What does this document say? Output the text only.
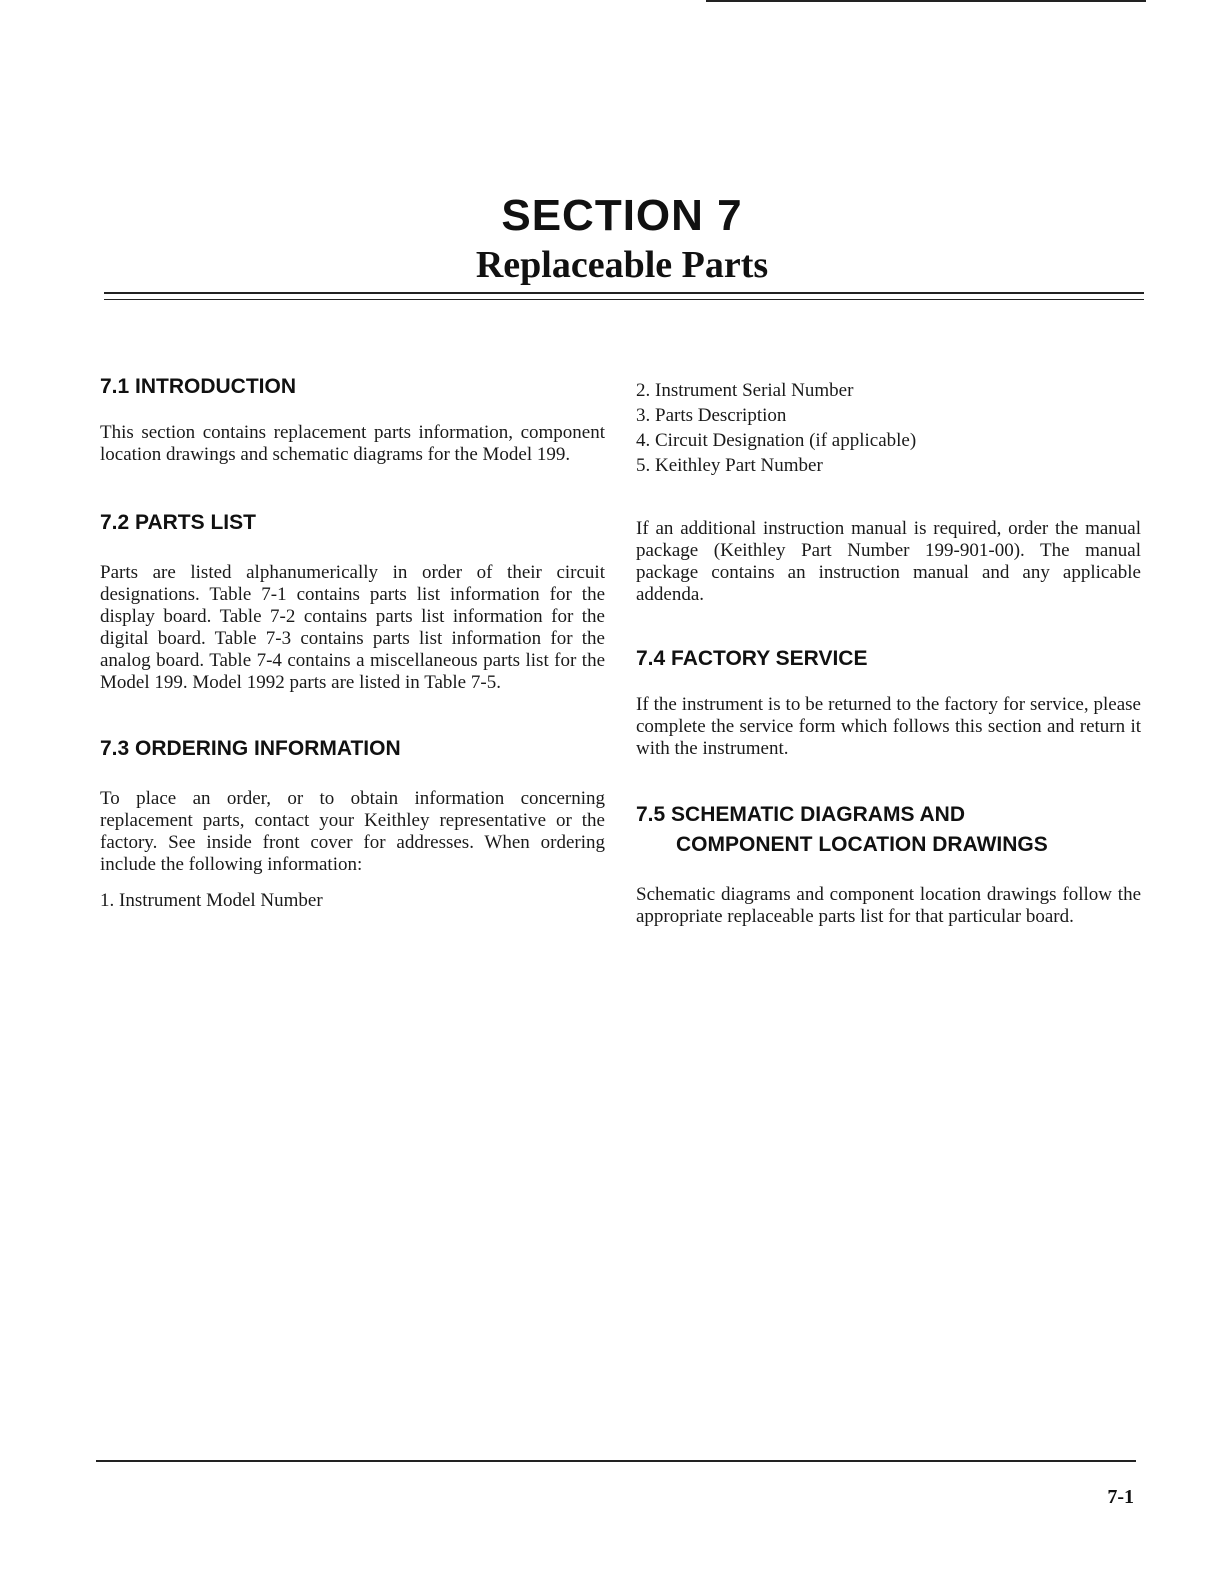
SECTION 7
Replaceable Parts
7.1 INTRODUCTION

This section contains replacement parts information, component location drawings and schematic diagrams for the Model 199.

7.2 PARTS LIST

Parts are listed alphanumerically in order of their circuit designations. Table 7-1 contains parts list information for the display board. Table 7-2 contains parts list information for the digital board. Table 7-3 contains parts list information for the analog board. Table 7-4 contains a miscellaneous parts list for the Model 199. Model 1992 parts are listed in Table 7-5.

7.3 ORDERING INFORMATION

To place an order, or to obtain information concerning replacement parts, contact your Keithley representative or the factory. See inside front cover for addresses. When ordering include the following information:

1. Instrument Model Number

2. Instrument Serial Number
3. Parts Description
4. Circuit Designation (if applicable)
5. Keithley Part Number

If an additional instruction manual is required, order the manual package (Keithley Part Number 199-901-00). The manual package contains an instruction manual and any applicable addenda.

7.4 FACTORY SERVICE

If the instrument is to be returned to the factory for service, please complete the service form which follows this section and return it with the instrument.

7.5 SCHEMATIC DIAGRAMS AND
COMPONENT LOCATION DRAWINGS

Schematic diagrams and component location drawings follow the appropriate replaceable parts list for that particular board.

7-1
